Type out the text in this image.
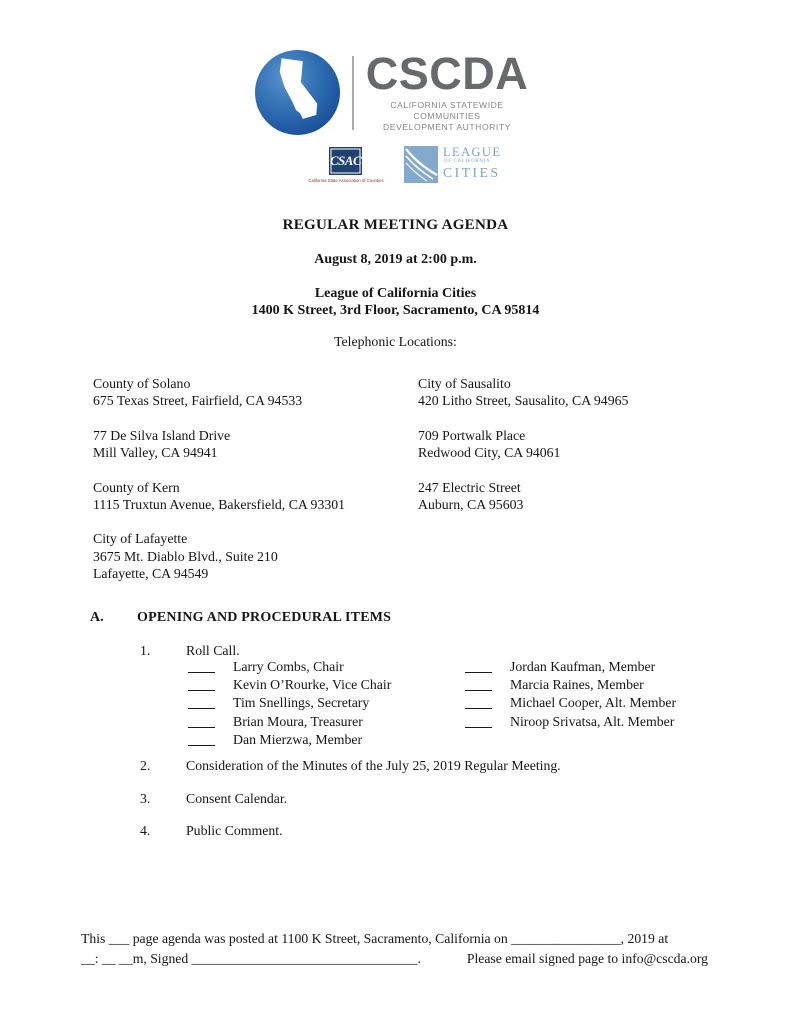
CSCDA
CALIFORNIA STATEWIDE COMMUNITIES
DEVELOPMENT AUTHORITY
CSAC
California State Association of Counties
LEAGUE
OF CALIFORNIA
CITIES
REGULAR MEETING AGENDA
August 8, 2019 at 2:00 p.m.
League of California Cities
1400 K Street, 3rd Floor, Sacramento, CA 95814
Telephonic Locations:
County of Solano
675 Texas Street, Fairfield, CA 94533
77 De Silva Island Drive
Mill Valley, CA 94941
County of Kern
1115 Truxtun Avenue, Bakersfield, CA 93301
City of Lafayette
3675 Mt. Diablo Blvd., Suite 210
Lafayette, CA 94549
City of Sausalito
420 Litho Street, Sausalito, CA 94965
709 Portwalk Place
Redwood City, CA 94061
247 Electric Street
Auburn, CA 95603
A. OPENING AND PROCEDURAL ITEMS
1.	Roll Call.
Larry Combs, Chair
Kevin O’Rourke, Vice Chair
Tim Snellings, Secretary
Brian Moura, Treasurer
Dan Mierzwa, Member
Jordan Kaufman, Member
Marcia Raines, Member
Michael Cooper, Alt. Member
Niroop Srivatsa, Alt. Member
2.	Consideration of the Minutes of the July 25, 2019 Regular Meeting.
3.	Consent Calendar.
4.	Public Comment.
This ___ page agenda was posted at 1100 K Street, Sacramento, California on ________________, 2019 at
__: __ __m, Signed _________________________________.	Please email signed page to info@cscda.org
